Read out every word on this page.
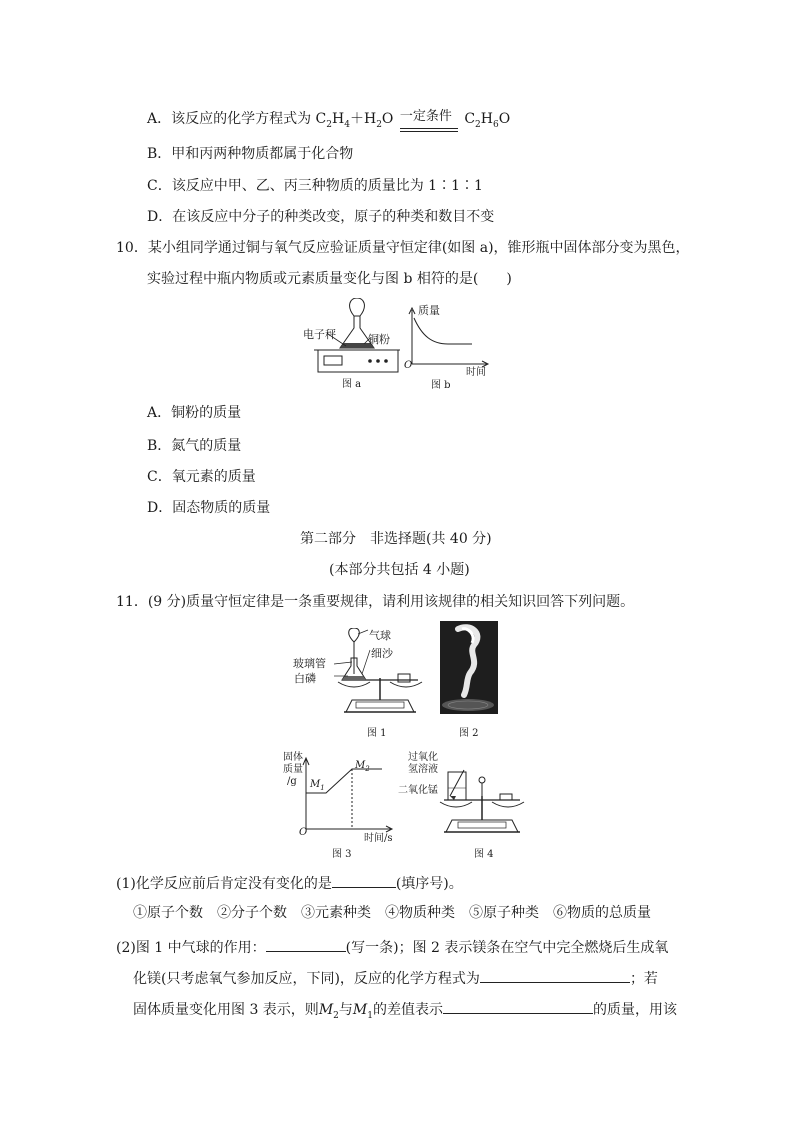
A．该反应的化学方程式为 $C_2H_4+H_2O$ 一定条件 $C_2H_6O$
B．甲和丙两种物质都属于化合物
C．该反应中甲、乙、丙三种物质的质量比为 1∶1∶1
D．在该反应中分子的种类改变，原子的种类和数目不变
10．某小组同学通过铜与氧气反应验证质量守恒定律(如图 a)，锥形瓶中固体部分变为黑色，
实验过程中瓶内物质或元素质量变化与图 b 相符的是(　　)
电子秤	铜粉
图 a
质量
O
时间
图 b
A．铜粉的质量
B．氮气的质量
C．氧元素的质量
D．固态物质的质量
第二部分　非选择题(共 40 分)
(本部分共包括 4 小题)
11．(9 分)质量守恒定律是一条重要规律，请利用该规律的相关知识回答下列问题。
气球
细沙
玻璃管
白磷
图 1	图 2
固体
质量
/g	$M_1$
$M_2$
O
时间/s
图 3
过氧化
氢溶液
二氧化锰
图 4
(1)化学反应前后肯定没有变化的是	(填序号)。
①原子个数　②分子个数　③元素种类　④物质种类　⑤原子种类　⑥物质的总质量
(2)图 1 中气球的作用：	(写一条)；图 2 表示镁条在空气中完全燃烧后生成氧
化镁(只考虑氧气参加反应，下同)，反应的化学方程式为	；若
固体质量变化用图 3 表示，则$M_2$与$M_1$的差值表示	的质量，用该
